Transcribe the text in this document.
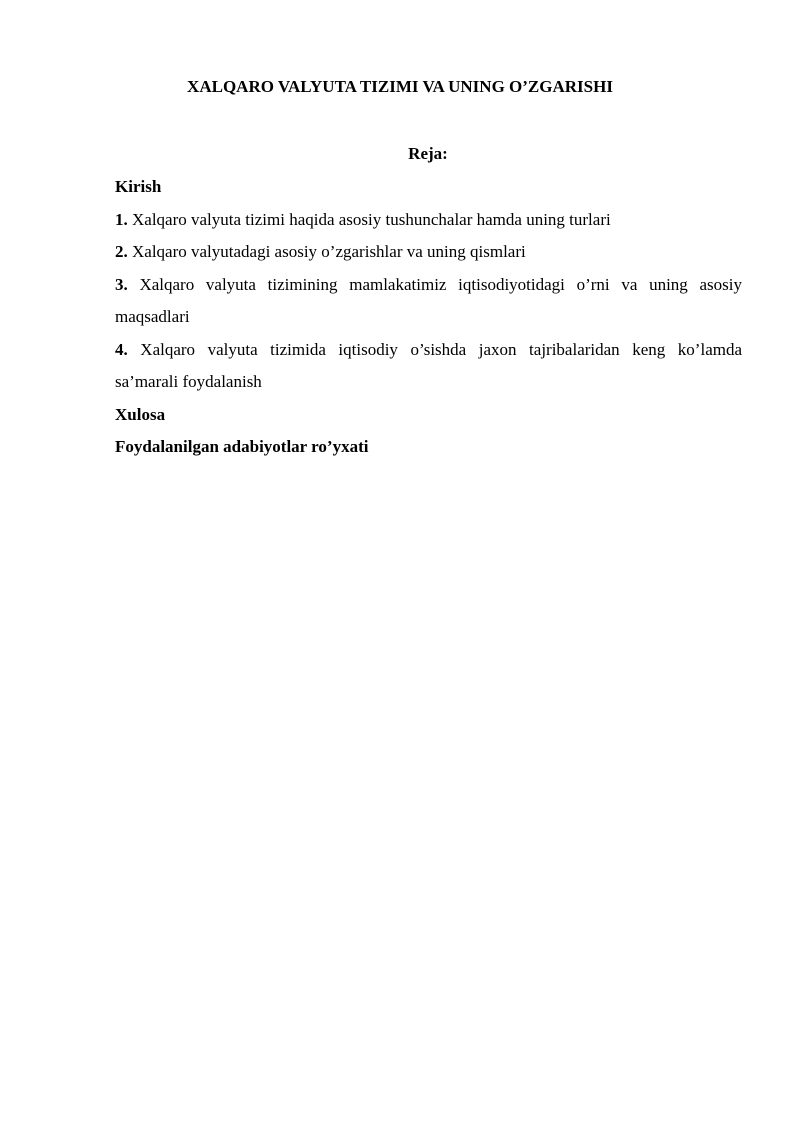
XALQARO VALYUTA TIZIMI VA UNING O’ZGARISHI
Reja:

Kirish

1. Xalqaro valyuta tizimi haqida asosiy tushunchalar hamda uning turlari

2. Xalqaro valyutadagi asosiy o’zgarishlar va uning qismlari

3. Xalqaro valyuta tizimining mamlakatimiz iqtisodiyotidagi o’rni va uning asosiy

maqsadlari

4. Xalqaro valyuta tizimida iqtisodiy o’sishda jaxon tajribalaridan keng ko’lamda

sa’marali foydalanish

Xulosa

Foydalanilgan adabiyotlar ro’yxati
